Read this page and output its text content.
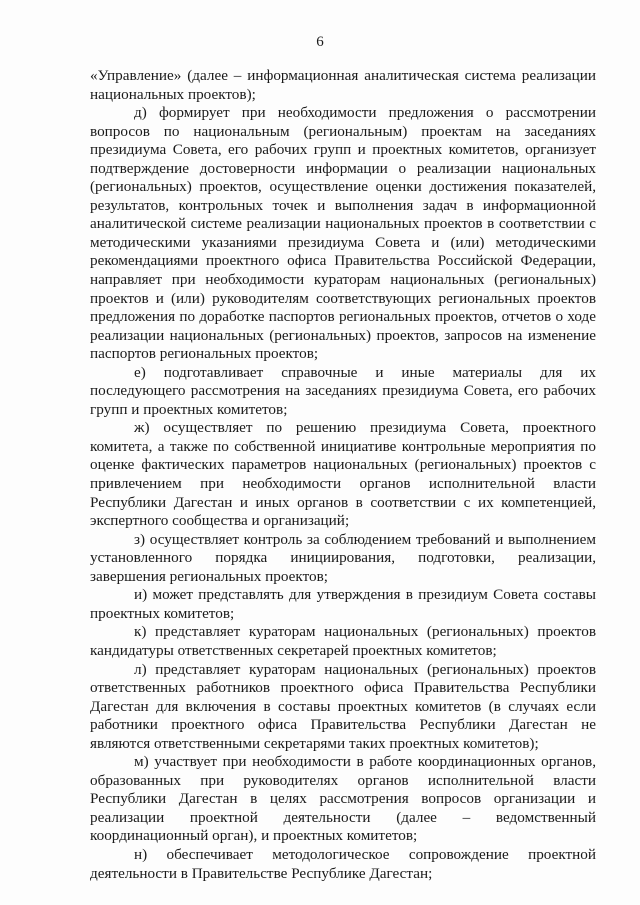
6

«Управление» (далее – информационная аналитическая система реализации национальных проектов);

д) формирует при необходимости предложения о рассмотрении вопросов по национальным (региональным) проектам на заседаниях президиума Совета, его рабочих групп и проектных комитетов, организует подтверждение достоверности информации о реализации национальных (региональных) проектов, осуществление оценки достижения показателей, результатов, контрольных точек и выполнения задач в информационной аналитической системе реализации национальных проектов в соответствии с методическими указаниями президиума Совета и (или) методическими рекомендациями проектного офиса Правительства Российской Федерации, направляет при необходимости кураторам национальных (региональных) проектов и (или) руководителям соответствующих региональных проектов предложения по доработке паспортов региональных проектов, отчетов о ходе реализации национальных (региональных) проектов, запросов на изменение паспортов региональных проектов;

е) подготавливает справочные и иные материалы для их последующего рассмотрения на заседаниях президиума Совета, его рабочих групп и проектных комитетов;

ж) осуществляет по решению президиума Совета, проектного комитета, а также по собственной инициативе контрольные мероприятия по оценке фактических параметров национальных (региональных) проектов с привлечением при необходимости органов исполнительной власти Республики Дагестан и иных органов в соответствии с их компетенцией, экспертного сообщества и организаций;

з) осуществляет контроль за соблюдением требований и выполнением установленного порядка инициирования, подготовки, реализации, завершения региональных проектов;

и) может представлять для утверждения в президиум Совета составы проектных комитетов;

к) представляет кураторам национальных (региональных) проектов кандидатуры ответственных секретарей проектных комитетов;

л) представляет кураторам национальных (региональных) проектов ответственных работников проектного офиса Правительства Республики Дагестан для включения в составы проектных комитетов (в случаях если работники проектного офиса Правительства Республики Дагестан не являются ответственными секретарями таких проектных комитетов);

м) участвует при необходимости в работе координационных органов, образованных при руководителях органов исполнительной власти Республики Дагестан в целях рассмотрения вопросов организации и реализации проектной деятельности (далее – ведомственный координационный орган), и проектных комитетов;

н) обеспечивает методологическое сопровождение проектной деятельности в Правительстве Республике Дагестан;
